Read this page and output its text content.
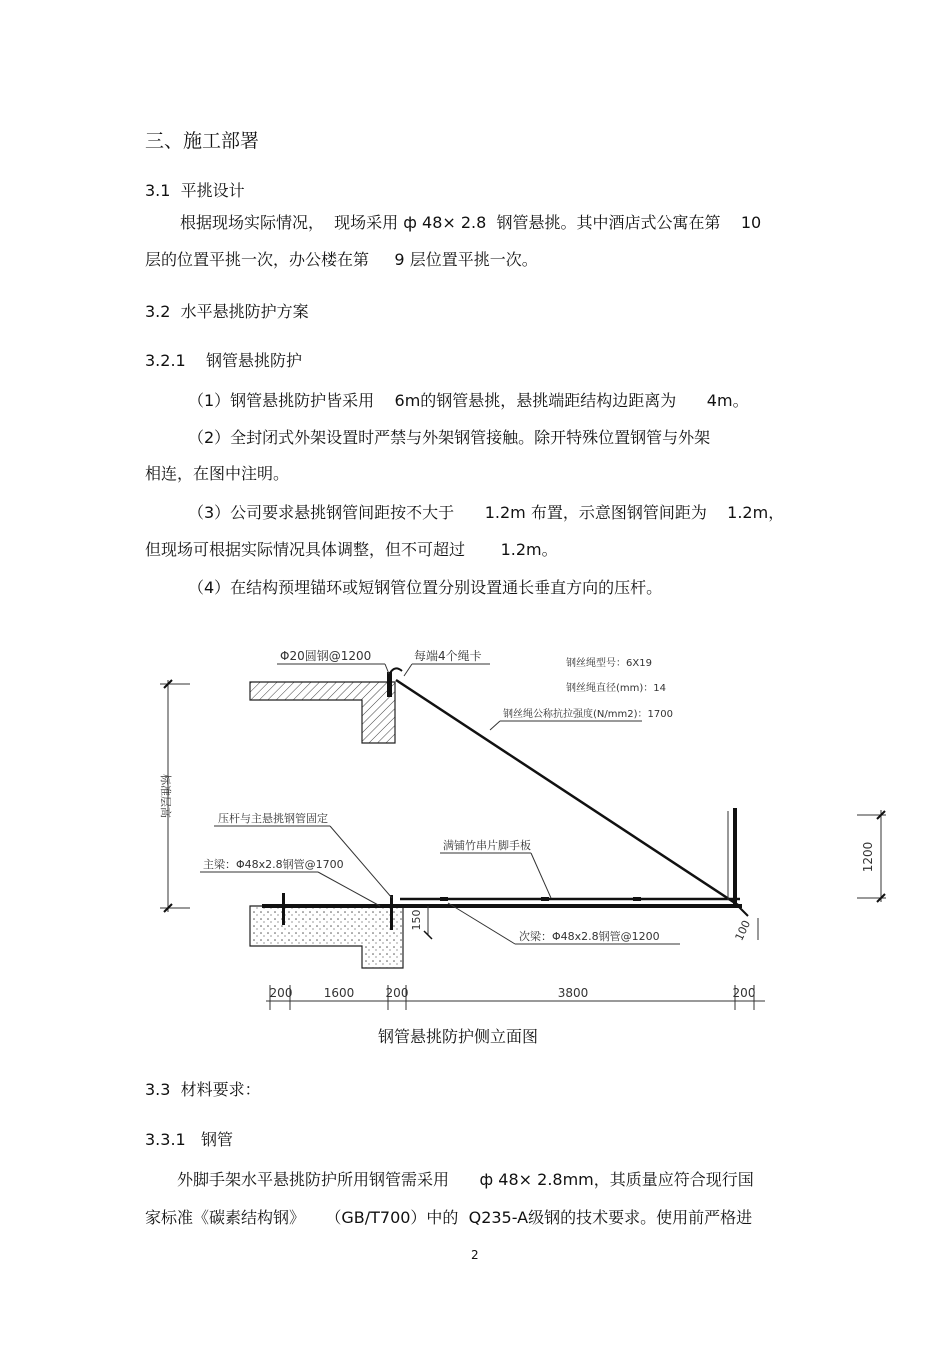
三、施工部署
3.1  平挑设计
根据现场实际情况，  现场采用 ф 48× 2.8  钢管悬挑。其中酒店式公寓在第    10
层的位置平挑一次，办公楼在第     9 层位置平挑一次。
3.2  水平悬挑防护方案
3.2.1    钢管悬挑防护
（1）钢管悬挑防护皆采用    6m的钢管悬挑，悬挑端距结构边距离为      4m。
（2）全封闭式外架设置时严禁与外架钢管接触。除开特殊位置钢管与外架
相连，在图中注明。
（3）公司要求悬挑钢管间距按不大于      1.2m 布置，示意图钢管间距为    1.2m，
但现场可根据实际情况具体调整，但不可超过       1.2m。
（4）在结构预埋锚环或短钢管位置分别设置通长垂直方向的压杆。
标准层高
1200
150	100
Φ20圆钢@1200	每端4个绳卡
钢丝绳型号：6X19
钢丝绳直径(mm)：14
钢丝绳公称抗拉强度(N/mm2)：1700
压杆与主悬挑钢管固定
主梁：Φ48x2.8钢管@1700
满铺竹串片脚手板
次梁：Φ48x2.8钢管@1200
200	1600	200	3800	200
钢管悬挑防护侧立面图
3.3  材料要求：
3.3.1   钢管
外脚手架水平悬挑防护所用钢管需采用      ф 48× 2.8mm，其质量应符合现行国
家标准《碳素结构钢》    （GB/T700）中的  Q235-A级钢的技术要求。使用前严格进
2
